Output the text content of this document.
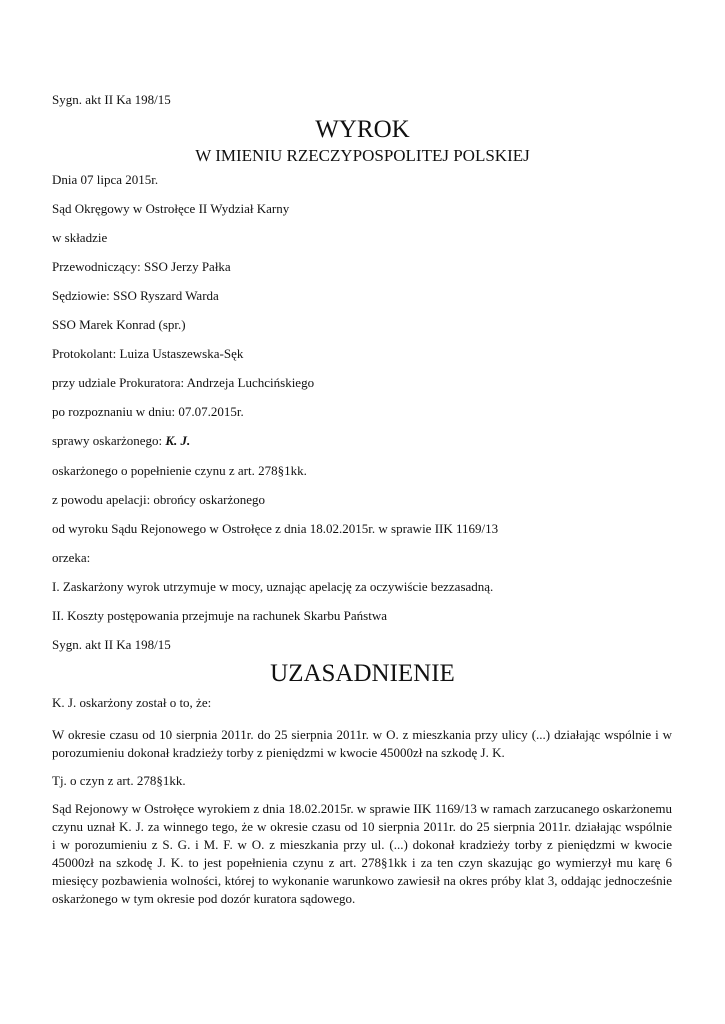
Sygn. akt II Ka 198/15
WYROK
W IMIENIU RZECZYPOSPOLITEJ POLSKIEJ
Dnia 07 lipca 2015r.
Sąd Okręgowy w Ostrołęce II Wydział Karny
w składzie
Przewodniczący: SSO Jerzy Pałka
Sędziowie: SSO Ryszard Warda
SSO Marek Konrad (spr.)
Protokolant: Luiza Ustaszewska-Sęk
przy udziale Prokuratora: Andrzeja Luchcińskiego
po rozpoznaniu w dniu: 07.07.2015r.
sprawy oskarżonego: K. J.
oskarżonego o popełnienie czynu z art. 278§1kk.
z powodu apelacji: obrońcy oskarżonego
od wyroku Sądu Rejonowego w Ostrołęce z dnia 18.02.2015r. w sprawie IIK 1169/13
orzeka:
I. Zaskarżony wyrok utrzymuje w mocy, uznając apelację za oczywiście bezzasadną.
II. Koszty postępowania przejmuje na rachunek Skarbu Państwa
Sygn. akt II Ka 198/15
UZASADNIENIE
K. J. oskarżony został o to, że:
W okresie czasu od 10 sierpnia 2011r. do 25 sierpnia 2011r. w O. z mieszkania przy ulicy (...) działając wspólnie i w
porozumieniu dokonał kradzieży torby z pieniędzmi w kwocie 45000zł na szkodę J. K.
Tj. o czyn z art. 278§1kk.
Sąd Rejonowy w Ostrołęce wyrokiem z dnia 18.02.2015r. w sprawie IIK 1169/13 w ramach zarzucanego oskarżonemu
czynu uznał K. J. za winnego tego, że w okresie czasu od 10 sierpnia 2011r. do 25 sierpnia 2011r. działając wspólnie
i w porozumieniu z S. G. i M. F. w O. z mieszkania przy ul. (...) dokonał kradzieży torby z pieniędzmi w kwocie
45000zł na szkodę J. K. to jest popełnienia czynu z art. 278§1kk i za ten czyn skazując go wymierzył mu karę 6
miesięcy pozbawienia wolności, której to wykonanie warunkowo zawiesił na okres próby klat 3, oddając jednocześnie
oskarżonego w tym okresie pod dozór kuratora sądowego.
